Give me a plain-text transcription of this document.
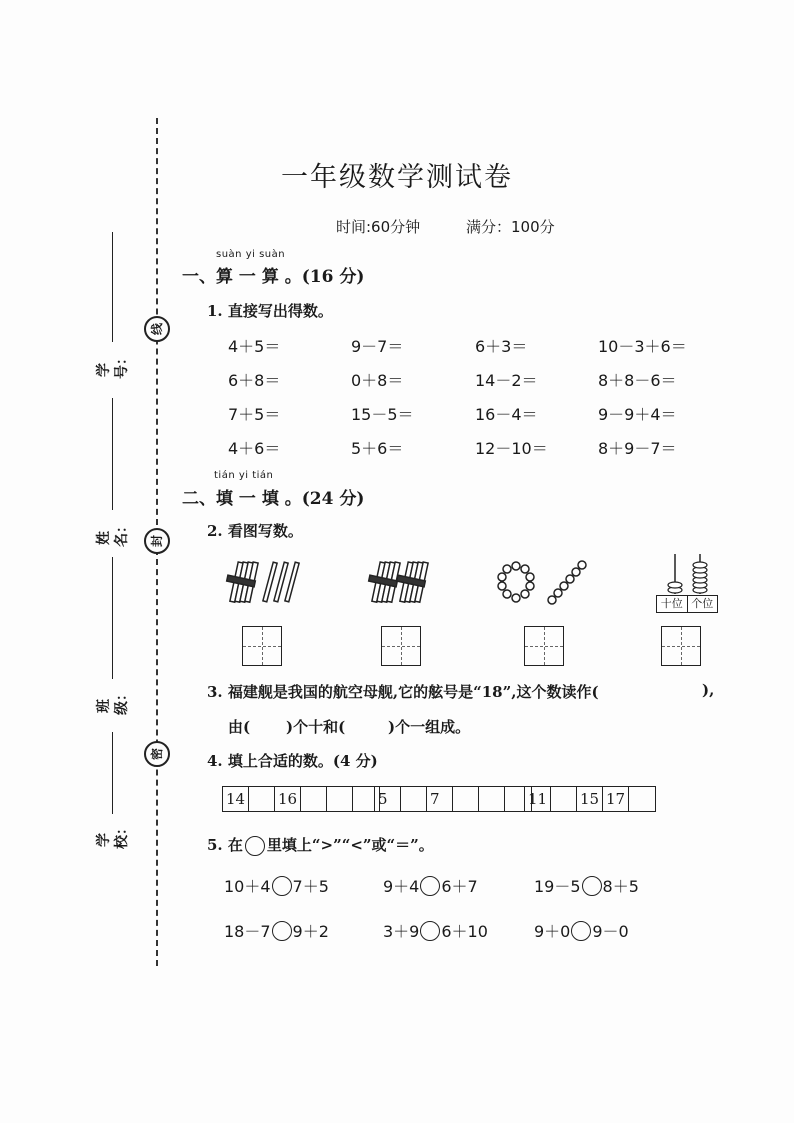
线
封
密
学号：
姓名：
班级：
学校：
一年级数学测试卷
时间:60分钟	满分：100分
suàn yi suàn
一、算 一 算 。(16 分)
1. 直接写出得数。
4＋5＝	9－7＝	6＋3＝	10－3＋6＝
6＋8＝	0＋8＝	14－2＝	8＋8－6＝
7＋5＝	15－5＝	16－4＝	9－9＋4＝
4＋6＝	5＋6＝	12－10＝	8＋9－7＝
tián yi tián
二、填 一 填 。(24 分)
2. 看图写数。
十位 个位
3. 福建舰是我国的航空母舰,它的舷号是“18”,这个数读作(	),
由( )个十和(	)个一组成。
4. 填上合适的数。(4 分)
14 16	5	7	11 15 17
5. 在 里填上“>”“<”或“＝”。
10＋4 7＋5	9＋4 6＋7	19－5 8＋5
18－7 9＋2	3＋9 6＋10	9＋0 9－0
